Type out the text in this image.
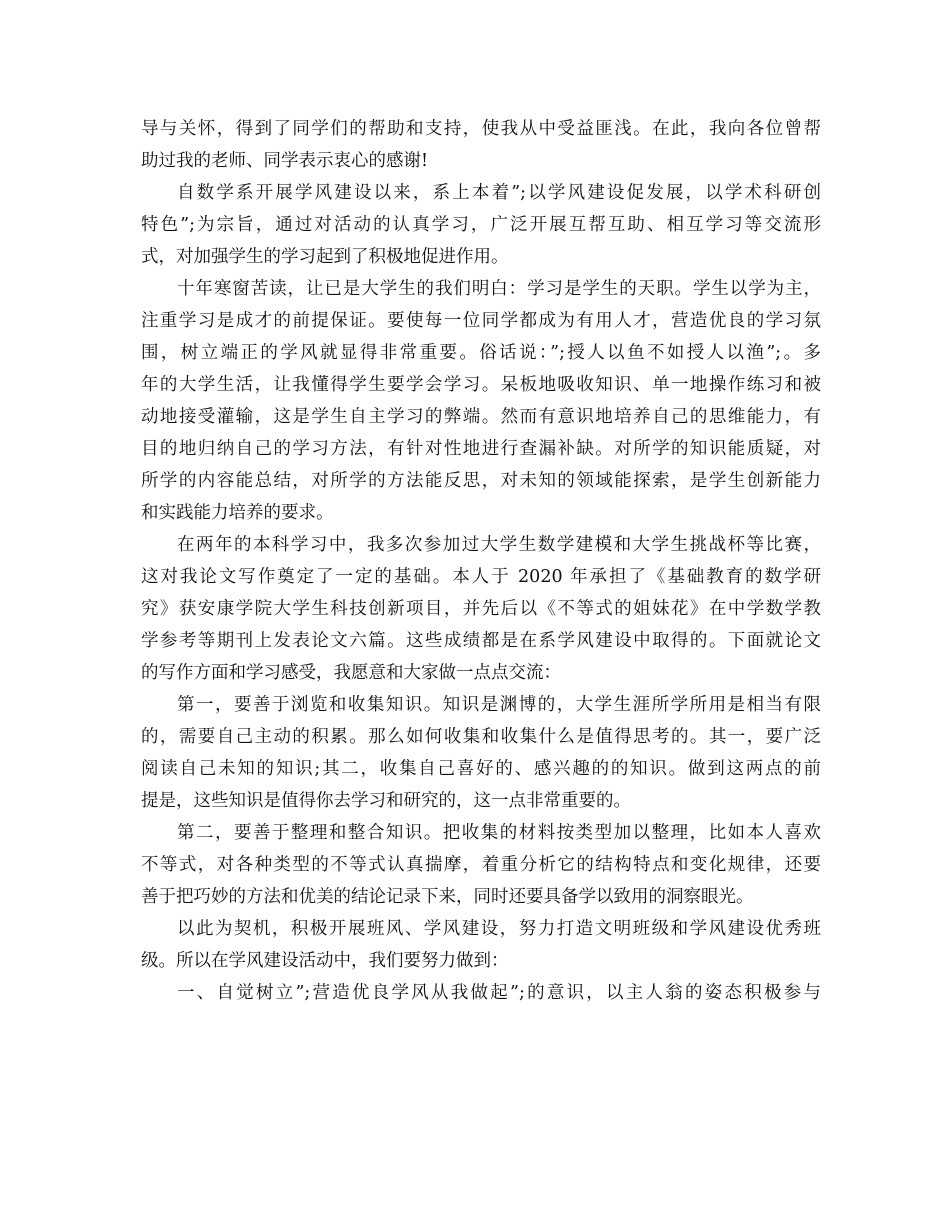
导与关怀，得到了同学们的帮助和支持，使我从中受益匪浅。在此，我向各位曾帮
助过我的老师、同学表示衷心的感谢!
自数学系开展学风建设以来，系上本着”;以学风建设促发展，以学术科研创
特色”;为宗旨，通过对活动的认真学习，广泛开展互帮互助、相互学习等交流形
式，对加强学生的学习起到了积极地促进作用。
十年寒窗苦读，让已是大学生的我们明白：学习是学生的天职。学生以学为主，
注重学习是成才的前提保证。要使每一位同学都成为有用人才，营造优良的学习氛
围，树立端正的学风就显得非常重要。俗话说：”;授人以鱼不如授人以渔”;。多
年的大学生活，让我懂得学生要学会学习。呆板地吸收知识、单一地操作练习和被
动地接受灌输，这是学生自主学习的弊端。然而有意识地培养自己的思维能力，有
目的地归纳自己的学习方法，有针对性地进行查漏补缺。对所学的知识能质疑，对
所学的内容能总结，对所学的方法能反思，对未知的领域能探索，是学生创新能力
和实践能力培养的要求。
在两年的本科学习中，我多次参加过大学生数学建模和大学生挑战杯等比赛，
这对我论文写作奠定了一定的基础。本人于 2020 年承担了《基础教育的数学研
究》获安康学院大学生科技创新项目，并先后以《不等式的姐妹花》在中学数学教
学参考等期刊上发表论文六篇。这些成绩都是在系学风建设中取得的。下面就论文
的写作方面和学习感受，我愿意和大家做一点点交流：
第一，要善于浏览和收集知识。知识是渊博的，大学生涯所学所用是相当有限
的，需要自己主动的积累。那么如何收集和收集什么是值得思考的。其一，要广泛
阅读自己未知的知识;其二，收集自己喜好的、感兴趣的的知识。做到这两点的前
提是，这些知识是值得你去学习和研究的，这一点非常重要的。
第二，要善于整理和整合知识。把收集的材料按类型加以整理，比如本人喜欢
不等式，对各种类型的不等式认真揣摩，着重分析它的结构特点和变化规律，还要
善于把巧妙的方法和优美的结论记录下来，同时还要具备学以致用的洞察眼光。
以此为契机，积极开展班风、学风建设，努力打造文明班级和学风建设优秀班
级。所以在学风建设活动中，我们要努力做到：
一、自觉树立”;营造优良学风从我做起”;的意识，以主人翁的姿态积极参与
